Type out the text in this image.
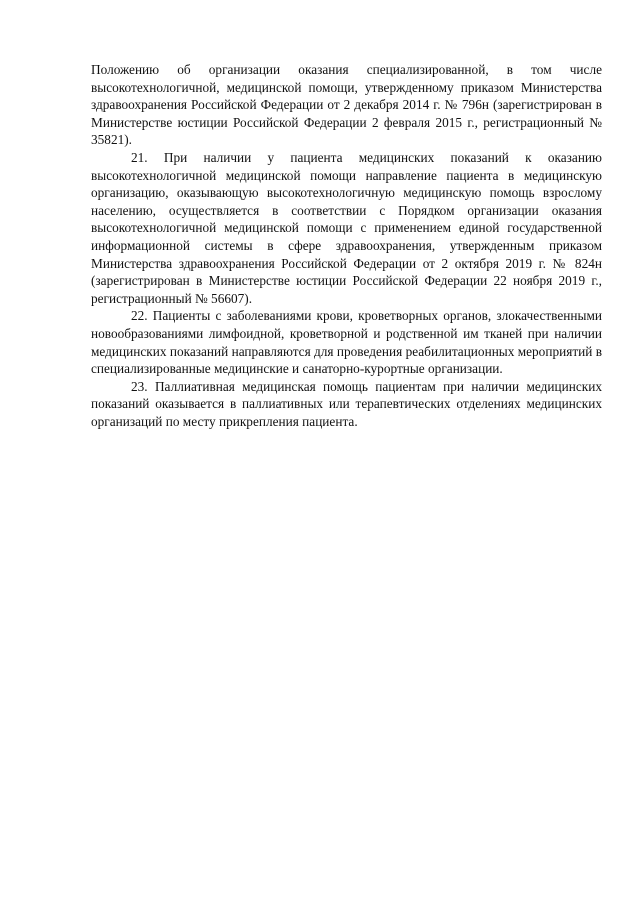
Положению об организации оказания специализированной, в том числе высокотехнологичной, медицинской помощи, утвержденному приказом Министерства здравоохранения Российской Федерации от 2 декабря 2014 г. № 796н (зарегистрирован в Министерстве юстиции Российской Федерации 2 февраля 2015 г., регистрационный № 35821).

21. При наличии у пациента медицинских показаний к оказанию высокотехнологичной медицинской помощи направление пациента в медицинскую организацию, оказывающую высокотехнологичную медицинскую помощь взрослому населению, осуществляется в соответствии с Порядком организации оказания высокотехнологичной медицинской помощи с применением единой государственной информационной системы в сфере здравоохранения, утвержденным приказом Министерства здравоохранения Российской Федерации от 2 октября 2019 г. № 824н (зарегистрирован в Министерстве юстиции Российской Федерации 22 ноября 2019 г., регистрационный № 56607).

22. Пациенты с заболеваниями крови, кроветворных органов, злокачественными новообразованиями лимфоидной, кроветворной и родственной им тканей при наличии медицинских показаний направляются для проведения реабилитационных мероприятий в специализированные медицинские и санаторно-курортные организации.

23. Паллиативная медицинская помощь пациентам при наличии медицинских показаний оказывается в паллиативных или терапевтических отделениях медицинских организаций по месту прикрепления пациента.
